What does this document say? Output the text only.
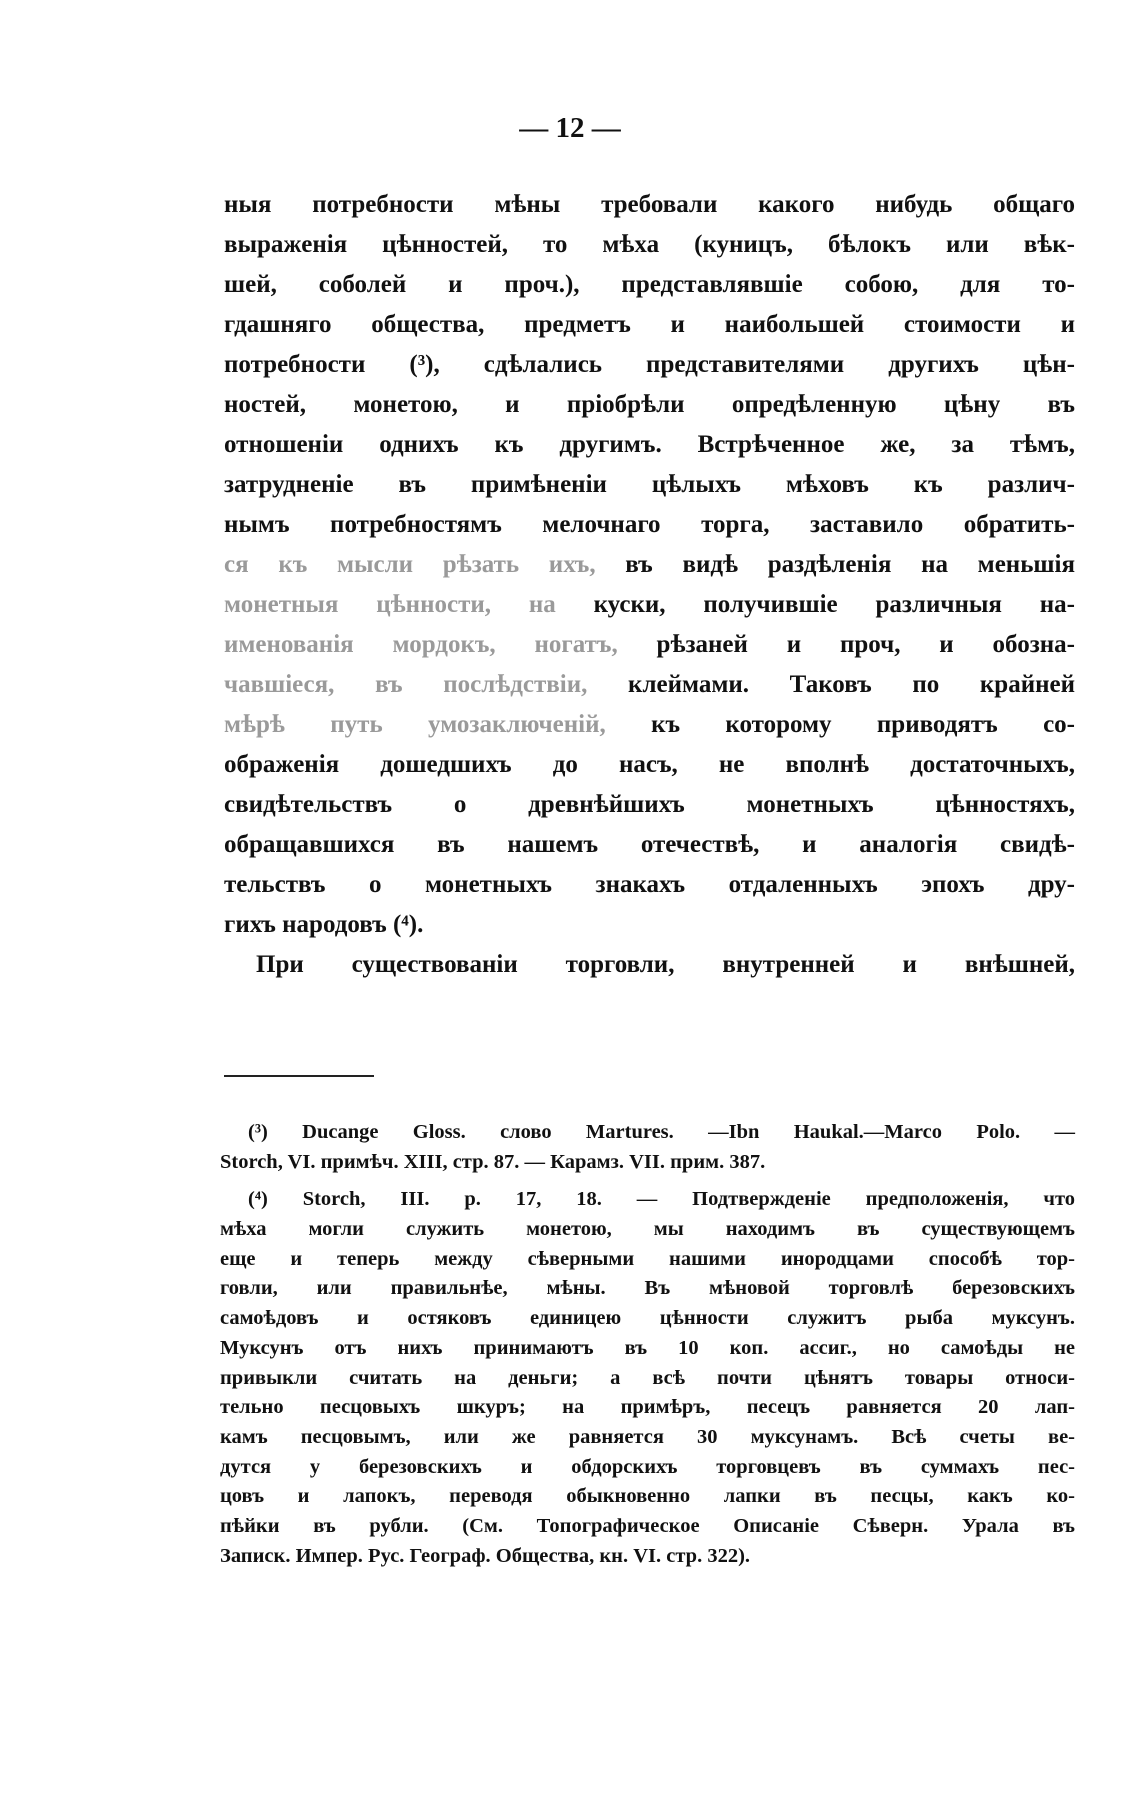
— 12 —
ныя потребности мѣны требовали какого нибудь общаго
выраженія цѣнностей, то мѣха (куницъ, бѣлокъ или вѣк-
шей, соболей и проч.), представлявшіе собою, для то-
гдашняго общества, предметъ и наибольшей стоимости и
потребности (³), сдѣлались представителями другихъ цѣн-
ностей, монетою, и пріобрѣли опредѣленную цѣну въ
отношеніи однихъ къ другимъ. Встрѣченное же, за тѣмъ,
затрудненіе въ примѣненіи цѣлыхъ мѣховъ къ различ-
нымъ потребностямъ мелочнаго торга, заставило обратить-
ся къ мысли рѣзать ихъ, въ видѣ раздѣленія на меньшія
монетныя цѣнности, на куски, получившіе различныя на-
именованія мордокъ, ногатъ, рѣзаней и проч, и обозна-
чавшіеся, въ послѣдствіи, клеймами. Таковъ по крайней
мѣрѣ путь умозаключеній, къ которому приводятъ со-
ображенія дошедшихъ до насъ, не вполнѣ достаточныхъ,
свидѣтельствъ о древнѣйшихъ монетныхъ цѣнностяхъ,
обращавшихся въ нашемъ отечествѣ, и аналогія свидѣ-
тельствъ о монетныхъ знакахъ отдаленныхъ эпохъ дру-
гихъ народовъ (⁴).
При существованіи торговли, внутренней и внѣшней,
(³) Ducange Gloss. слово Martures. —Ibn Haukal.—Marco Polo. —
Storch, VI. примѣч. XIII, стр. 87. — Карамз. VII. прим. 387.
(⁴) Storch, III. p. 17, 18. — Подтвержденіе предположенія, что
мѣха могли служить монетою, мы находимъ въ существующемъ
еще и теперь между сѣверными нашими инородцами способѣ тор-
говли, или правильнѣе, мѣны. Въ мѣновой торговлѣ березовскихъ
самоѣдовъ и остяковъ единицею цѣнности служитъ рыба муксунъ.
Муксунъ отъ нихъ принимаютъ въ 10 коп. ассиг., но самоѣды не
привыкли считать на деньги; а всѣ почти цѣнятъ товары относи-
тельно песцовыхъ шкуръ; на примѣръ, песецъ равняется 20 лап-
камъ песцовымъ, или же равняется 30 муксунамъ. Всѣ счеты ве-
дутся у березовскихъ и обдорскихъ торговцевъ въ суммахъ пес-
цовъ и лапокъ, переводя обыкновенно лапки въ песцы, какъ ко-
пѣйки въ рубли. (См. Топографическое Описаніе Сѣверн. Урала въ
Записк. Импер. Рус. Географ. Общества, кн. VI. стр. 322).
